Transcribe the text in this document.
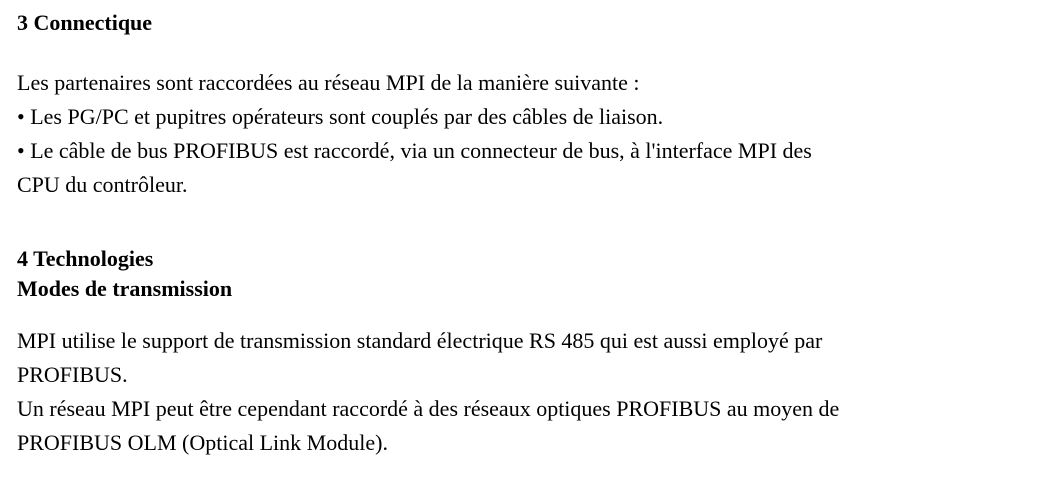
3 Connectique
Les partenaires sont raccordées au réseau MPI de la manière suivante :
• Les PG/PC et pupitres opérateurs sont couplés par des câbles de liaison.
• Le câble de bus PROFIBUS est raccordé, via un connecteur de bus, à l'interface MPI des
CPU du contrôleur.
4 Technologies
Modes de transmission
MPI utilise le support de transmission standard électrique RS 485 qui est aussi employé par
PROFIBUS.
Un réseau MPI peut être cependant raccordé à des réseaux optiques PROFIBUS au moyen de
PROFIBUS OLM (Optical Link Module).
